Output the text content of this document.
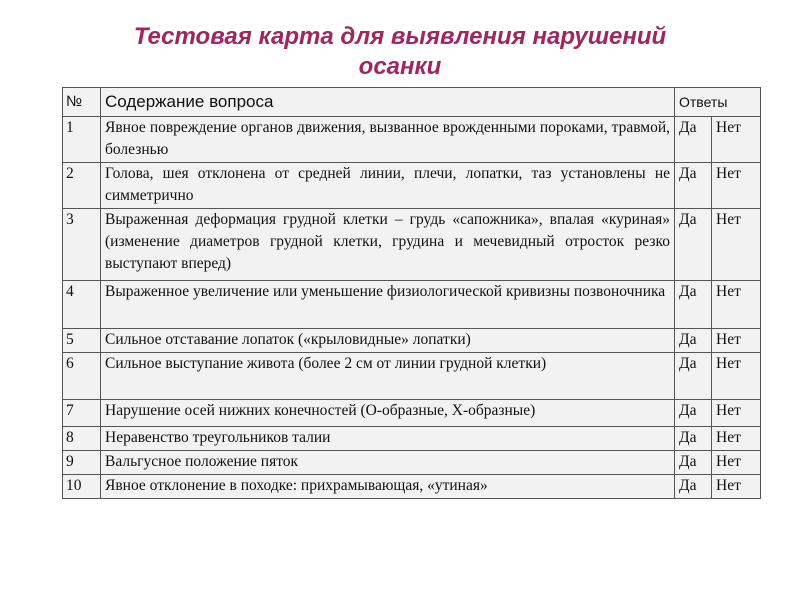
Тестовая карта для выявления нарушений
осанки
№	Содержание вопроса	Ответы	
1	Явное повреждение органов движения, вызванное врожденными пороками, травмой, болезнью	Да	Нет
2	Голова, шея отклонена от средней линии, плечи, лопатки, таз установлены не симметрично	Да	Нет
3	Выраженная деформация грудной клетки – грудь «сапожника», впалая «куриная» (изменение диаметров грудной клетки, грудина и мечевидный отросток резко выступают вперед)	Да	Нет
4	Выраженное увеличение или уменьшение физиологической кривизны позвоночника	Да	Нет
5	Сильное отставание лопаток («крыловидные» лопатки)	Да	Нет
6	Сильное выступание живота (более 2 см от линии грудной клетки)	Да	Нет
7	Нарушение осей нижних конечностей (О-образные, Х-образные)	Да	Нет
8	Неравенство треугольников талии	Да	Нет
9	Вальгусное положение пяток	Да	Нет
10	Явное отклонение в походке: прихрамывающая, «утиная»	Да	Нет
